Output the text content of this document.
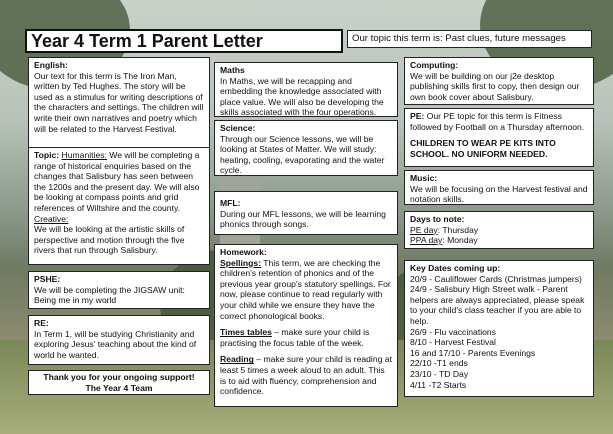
Year 4 Term 1 Parent Letter	Our topic this term is: Past clues, future messages
English:
Our text for this term is The Iron Man, written by Ted Hughes. The story will be used as a stimulus for writing descriptions of the characters and settings. The children will write their own narratives and poetry which will be related to the Harvest Festival.
Topic: Humanities: We will be completing a range of historical enquiries based on the changes that Salisbury has seen between the 1200s and the present day. We will also be looking at compass points and grid references of Wiltshire and the county.
Creative:
We will be looking at the artistic skills of perspective and motion through the five rivers that run through Salisbury.
PSHE:
We will be completing the JIGSAW unit: Being me in my world
RE:
In Term 1, will be studying Christianity and exploring Jesus' teaching about the kind of world he wanted.
Thank you for your ongoing support!
The Year 4 Team
Maths
In Maths, we will be recapping and embedding the knowledge associated with place value. We will also be developing the skills associated with the four operations.
Science:
Through our Science lessons, we will be looking at States of Matter. We will study: heating, cooling, evaporating and the water cycle.
MFL:
During our MFL lessons, we will be learning phonics through songs.
Homework:
Spellings: This term, we are checking the children's retention of phonics and of the previous year group's statutory spellings. For now, please continue to read regularly with your child while we ensure they have the correct phonological books.
Times tables – make sure your child is practising the focus table of the week.
Reading – make sure your child is reading at least 5 times a week aloud to an adult. This is to aid with fluency, comprehension and confidence.
Computing:
We will be building on our j2e desktop publishing skills first to copy, then design our own book cover about Salisbury.
PE: Our PE topic for this term is Fitness followed by Football on a Thursday afternoon.
CHILDREN TO WEAR PE KITS INTO SCHOOL. NO UNIFORM NEEDED.
Music:
We will be focusing on the Harvest festival and notation skills.
Days to note:
PE day: Thursday
PPA day: Monday
Key Dates coming up:
20/9 - Cauliflower Cards (Christmas jumpers)
24/9 - Salisbury High Street walk - Parent helpers are always appreciated, please speak to your child's class teacher if you are able to help.
26/9 - Flu vaccinations
8/10 - Harvest Festival
16 and 17/10 - Parents Evenings
22/10 -T1 ends
23/10 - TD Day
4/11 -T2 Starts
